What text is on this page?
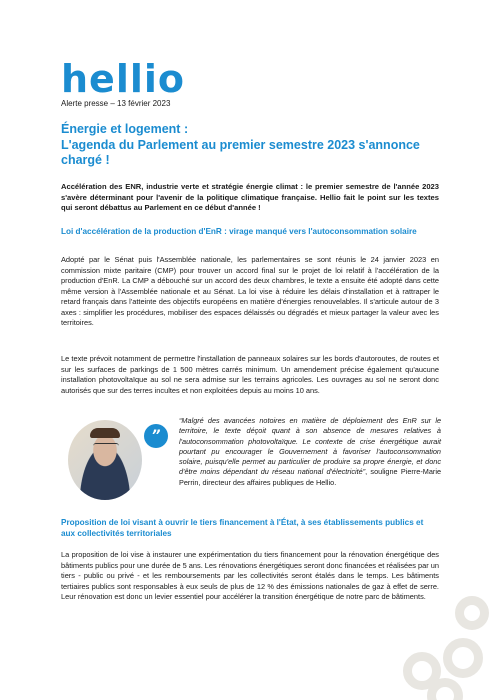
hellio
Alerte presse – 13 février 2023
Énergie et logement :
L'agenda du Parlement au premier semestre 2023 s'annonce chargé !

Accélération des ENR, industrie verte et stratégie énergie climat : le premier semestre de l'année 2023 s'avère déterminant pour l'avenir de la politique climatique française. Hellio fait le point sur les textes qui seront débattus au Parlement en ce début d'année !

Loi d'accélération de la production d'EnR : virage manqué vers l'autoconsommation solaire

Adopté par le Sénat puis l'Assemblée nationale, les parlementaires se sont réunis le 24 janvier 2023 en commission mixte paritaire (CMP) pour trouver un accord final sur le projet de loi relatif à l'accélération de la production d'EnR. La CMP a débouché sur un accord des deux chambres, le texte a ensuite été adopté dans cette même version à l'Assemblée nationale et au Sénat. La loi vise à réduire les délais d'installation et à rattraper le retard français dans l'atteinte des objectifs européens en matière d'énergies renouvelables. Il s'articule autour de 3 axes : simplifier les procédures, mobiliser des espaces délaissés ou dégradés et mieux partager la valeur avec les territoires.

Le texte prévoit notamment de permettre l'installation de panneaux solaires sur les bords d'autoroutes, de routes et sur les surfaces de parkings de 1 500 mètres carrés minimum. Un amendement précise également qu'aucune installation photovoltaïque au sol ne sera admise sur les terrains agricoles. Les ouvrages au sol ne seront donc autorisés que sur des terres incultes et non exploitées depuis au moins 10 ans.

”

“Malgré des avancées notoires en matière de déploiement des EnR sur le territoire, le texte déçoit quant à son absence de mesures relatives à l'autoconsommation photovoltaïque. Le contexte de crise énergétique aurait pourtant pu encourager le Gouvernement à favoriser l'autoconsommation solaire, puisqu'elle permet au particulier de produire sa propre énergie, et donc d'être moins dépendant du réseau national d'électricité”, souligne Pierre-Marie Perrin, directeur des affaires publiques de Hellio.

Proposition de loi visant à ouvrir le tiers financement à l'État, à ses établissements publics et aux collectivités territoriales

La proposition de loi vise à instaurer une expérimentation du tiers financement pour la rénovation énergétique des bâtiments publics pour une durée de 5 ans. Les rénovations énergétiques seront donc financées et réalisées par un tiers - public ou privé - et les remboursements par les collectivités seront étalés dans le temps. Les bâtiments tertiaires publics sont responsables à eux seuls de plus de 12 % des émissions nationales de gaz à effet de serre. Leur rénovation est donc un levier essentiel pour accélérer la transition énergétique de notre parc de bâtiments.
